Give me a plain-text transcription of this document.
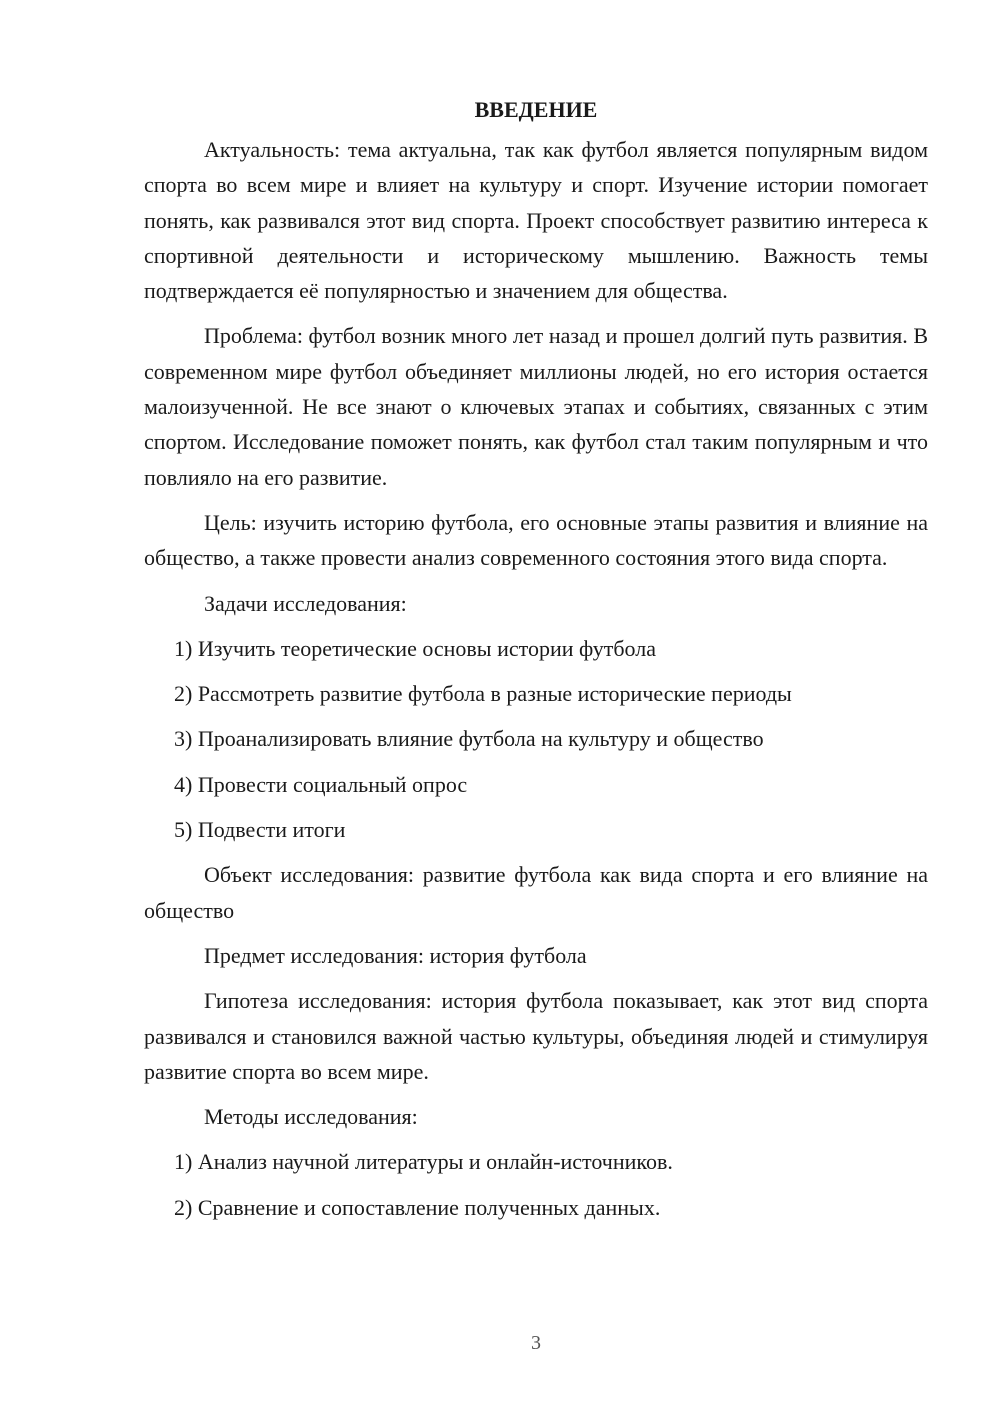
ВВЕДЕНИЕ

Актуальность: тема актуальна, так как футбол является популярным видом спорта во всем мире и влияет на культуру и спорт. Изучение истории помогает понять, как развивался этот вид спорта. Проект способствует развитию интереса к спортивной деятельности и историческому мышлению. Важность темы подтверждается её популярностью и значением для общества.

Проблема: футбол возник много лет назад и прошел долгий путь развития. В современном мире футбол объединяет миллионы людей, но его история остается малоизученной. Не все знают о ключевых этапах и событиях, связанных с этим спортом. Исследование поможет понять, как футбол стал таким популярным и что повлияло на его развитие.

Цель: изучить историю футбола, его основные этапы развития и влияние на общество, а также провести анализ современного состояния этого вида спорта.

Задачи исследования:

1) Изучить теоретические основы истории футбола
2) Рассмотреть развитие футбола в разные исторические периоды
3) Проанализировать влияние футбола на культуру и общество
4) Провести социальный опрос
5) Подвести итоги

Объект исследования: развитие футбола как вида спорта и его влияние на общество

Предмет исследования: история футбола

Гипотеза исследования: история футбола показывает, как этот вид спорта развивался и становился важной частью культуры, объединяя людей и стимулируя развитие спорта во всем мире.

Методы исследования:

1) Анализ научной литературы и онлайн-источников.
2) Сравнение и сопоставление полученных данных.
3
